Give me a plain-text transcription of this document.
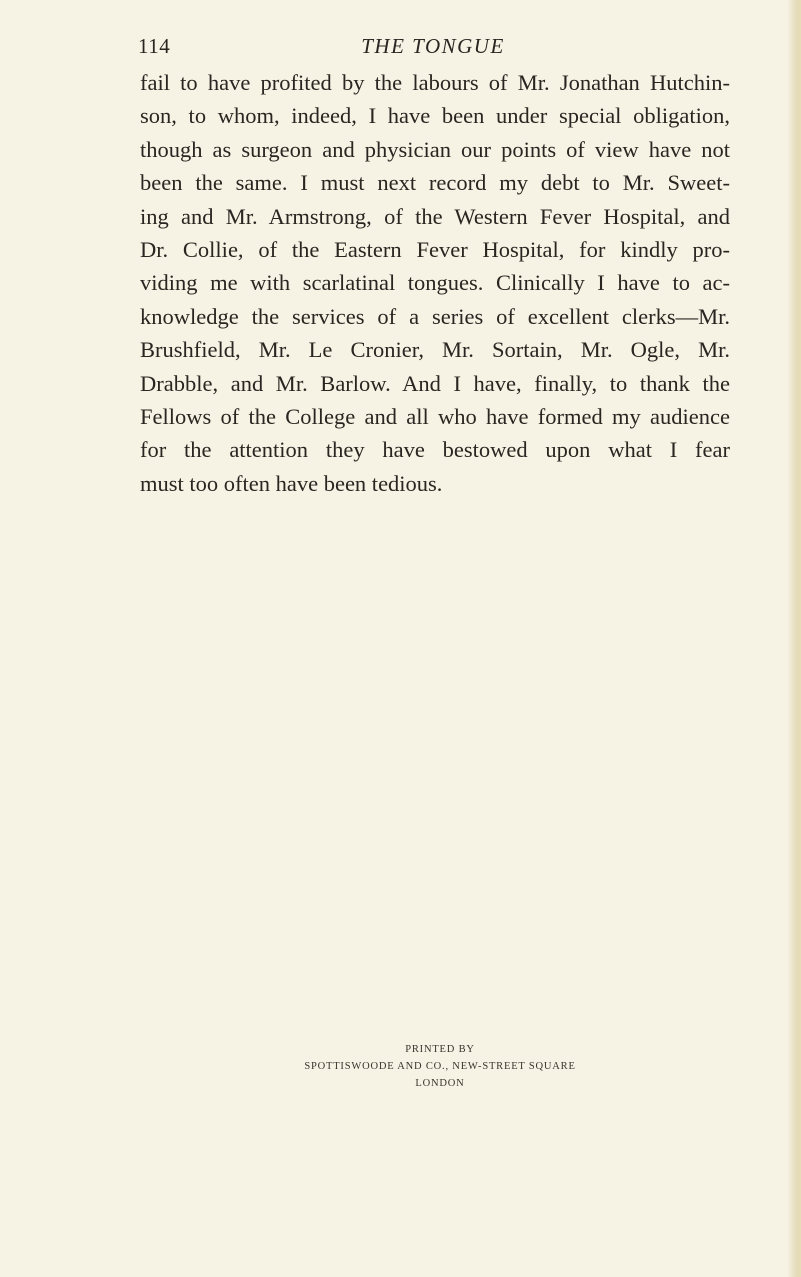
114	THE TONGUE
fail to have profited by the labours of Mr. Jonathan Hutchin-
son, to whom, indeed, I have been under special obligation,
though as surgeon and physician our points of view have not
been the same. I must next record my debt to Mr. Sweet-
ing and Mr. Armstrong, of the Western Fever Hospital, and
Dr. Collie, of the Eastern Fever Hospital, for kindly pro-
viding me with scarlatinal tongues. Clinically I have to ac-
knowledge the services of a series of excellent clerks—Mr.
Brushfield, Mr. Le Cronier, Mr. Sortain, Mr. Ogle, Mr.
Drabble, and Mr. Barlow. And I have, finally, to thank the
Fellows of the College and all who have formed my audience
for the attention they have bestowed upon what I fear
must too often have been tedious.
PRINTED BY
SPOTTISWOODE AND CO., NEW-STREET SQUARE
LONDON
